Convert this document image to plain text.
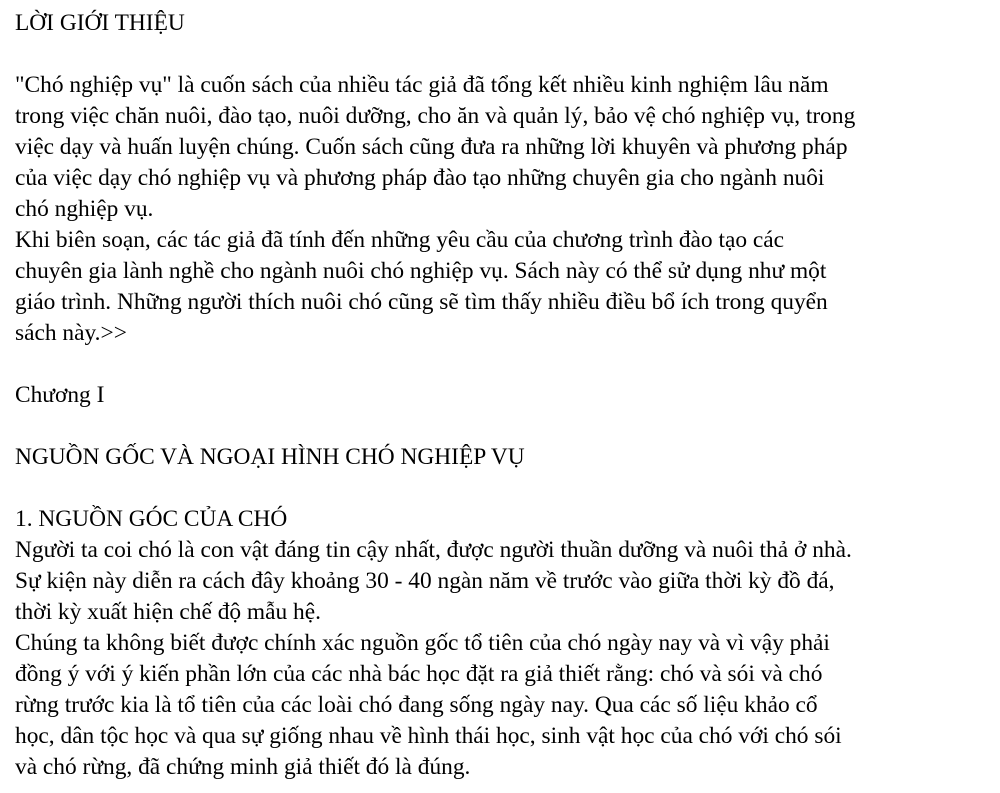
LỜI GIỚI THIỆU

"Chó nghiệp vụ" là cuốn sách của nhiều tác giả đã tổng kết nhiều kinh nghiệm lâu năm

trong việc chăn nuôi, đào tạo, nuôi dưỡng, cho ăn và quản lý, bảo vệ chó nghiệp vụ, trong

việc dạy và huấn luyện chúng. Cuốn sách cũng đưa ra những lời khuyên và phương pháp

của việc dạy chó nghiệp vụ và phương pháp đào tạo những chuyên gia cho ngành nuôi

chó nghiệp vụ.

Khi biên soạn, các tác giả đã tính đến những yêu cầu của chương trình đào tạo các

chuyên gia lành nghề cho ngành nuôi chó nghiệp vụ. Sách này có thể sử dụng như một

giáo trình. Những người thích nuôi chó cũng sẽ tìm thấy nhiều điều bổ ích trong quyển

sách này.>>

Chương I

NGUỒN GỐC VÀ NGOẠI HÌNH CHÓ NGHIỆP VỤ

1. NGUỒN GÓC CỦA CHÓ

Người ta coi chó là con vật đáng tin cậy nhất, được người thuần dưỡng và nuôi thả ở nhà.

Sự kiện này diễn ra cách đây khoảng 30 - 40 ngàn năm về trước vào giữa thời kỳ đồ đá,

thời kỳ xuất hiện chế độ mẫu hệ.

Chúng ta không biết được chính xác nguồn gốc tổ tiên của chó ngày nay và vì vậy phải

đồng ý với ý kiến phần lớn của các nhà bác học đặt ra giả thiết rằng: chó và sói và chó

rừng trước kia là tổ tiên của các loài chó đang sống ngày nay. Qua các số liệu khảo cổ

học, dân tộc học và qua sự giống nhau về hình thái học, sinh vật học của chó với chó sói

và chó rừng, đã chứng minh giả thiết đó là đúng.
